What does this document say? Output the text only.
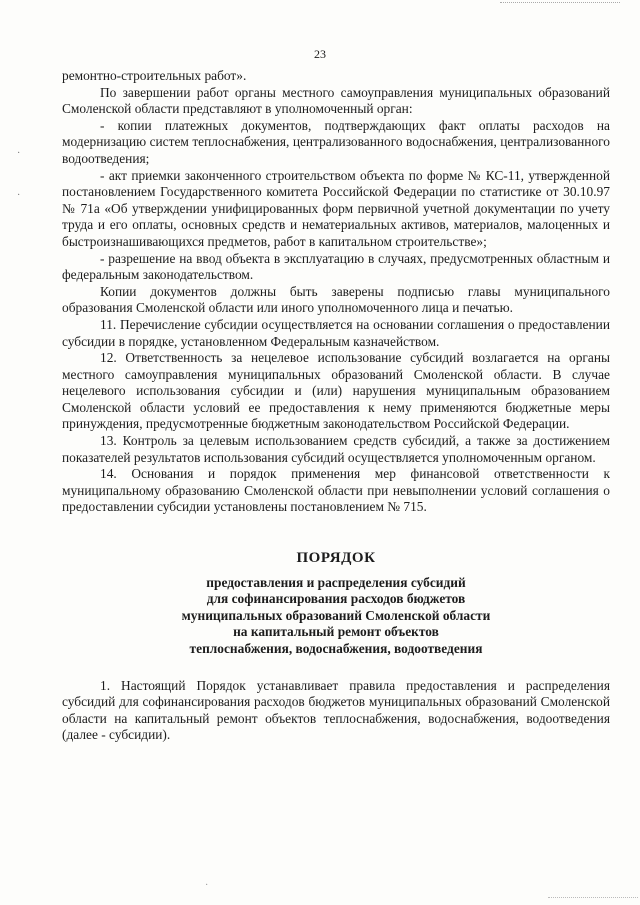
23
·
·

ремонтно-строительных работ».

По завершении работ органы местного самоуправления муниципальных образований Смоленской области представляют в уполномоченный орган:

- копии платежных документов, подтверждающих факт оплаты расходов на модернизацию систем теплоснабжения, централизованного водоснабжения, централизованного водоотведения;

- акт приемки законченного строительством объекта по форме № КС-11, утвержденной постановлением Государственного комитета Российской Федерации по статистике от 30.10.97 № 71а «Об утверждении унифицированных форм первичной учетной документации по учету труда и его оплаты, основных средств и нематериальных активов, материалов, малоценных и быстроизнашивающихся предметов, работ в капитальном строительстве»;

- разрешение на ввод объекта в эксплуатацию в случаях, предусмотренных областным и федеральным законодательством.

Копии документов должны быть заверены подписью главы муниципального образования Смоленской области или иного уполномоченного лица и печатью.

11. Перечисление субсидии осуществляется на основании соглашения о предоставлении субсидии в порядке, установленном Федеральным казначейством.

12. Ответственность за нецелевое использование субсидий возлагается на органы местного самоуправления муниципальных образований Смоленской области. В случае нецелевого использования субсидии и (или) нарушения муниципальным образованием Смоленской области условий ее предоставления к нему применяются бюджетные меры принуждения, предусмотренные бюджетным законодательством Российской Федерации.

13. Контроль за целевым использованием средств субсидий, а также за достижением показателей результатов использования субсидий осуществляется уполномоченным органом.

14. Основания и порядок применения мер финансовой ответственности к муниципальному образованию Смоленской области при невыполнении условий соглашения о предоставлении субсидии установлены постановлением № 715.

ПОРЯДОК
предоставления и распределения субсидий
для софинансирования расходов бюджетов
муниципальных образований Смоленской области
на капитальный ремонт объектов
теплоснабжения, водоснабжения, водоотведения

1. Настоящий Порядок устанавливает правила предоставления и распределения субсидий для софинансирования расходов бюджетов муниципальных образований Смоленской области на капитальный ремонт объектов теплоснабжения, водоснабжения, водоотведения (далее - субсидии).

·
